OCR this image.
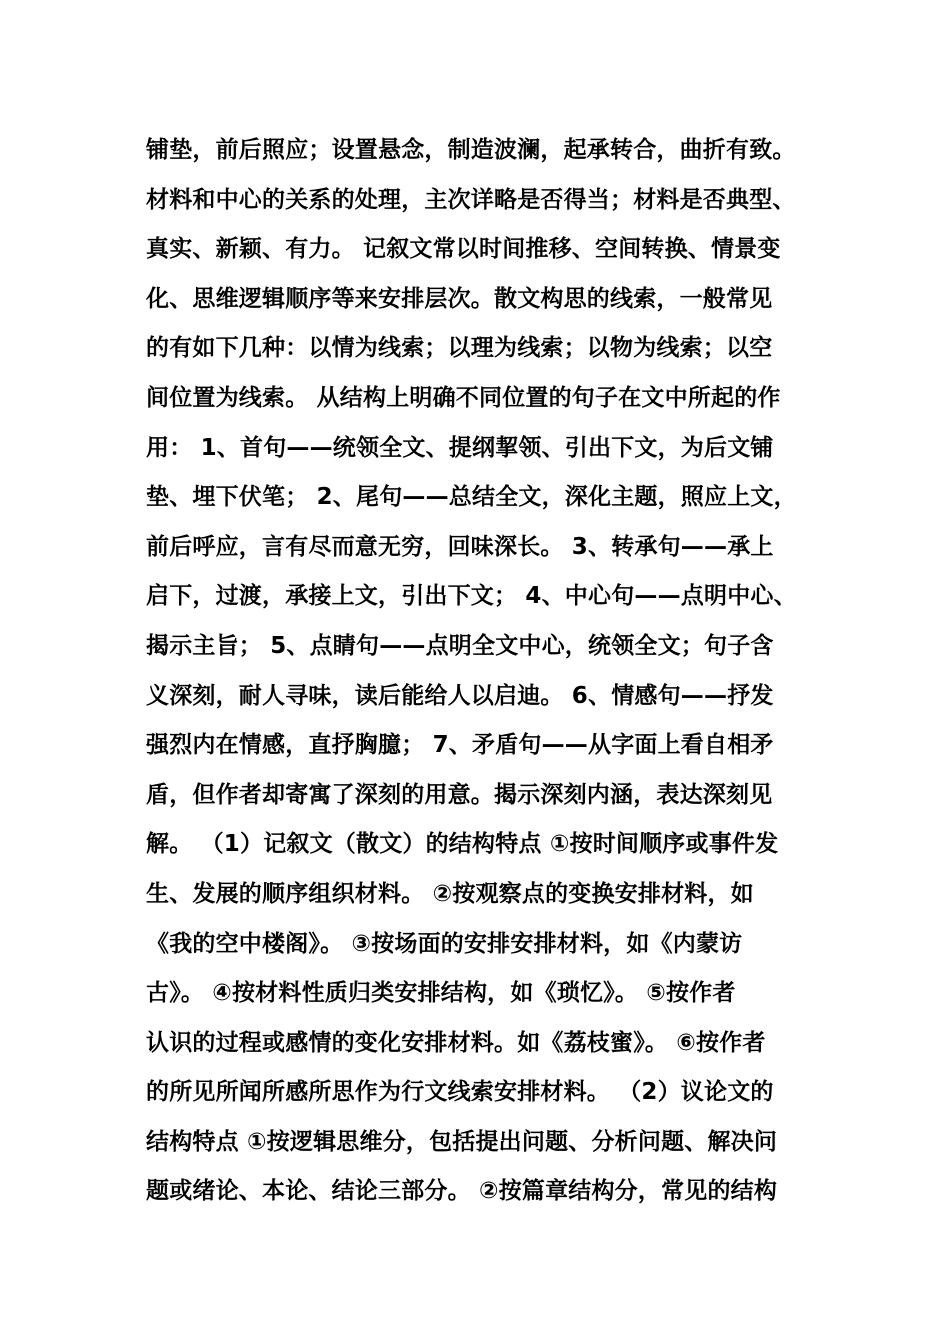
铺垫，前后照应；设置悬念，制造波澜，起承转合，曲折有致。
材料和中心的关系的处理，主次详略是否得当；材料是否典型、
真实、新颖、有力。 记叙文常以时间推移、空间转换、情景变
化、思维逻辑顺序等来安排层次。散文构思的线索，一般常见
的有如下几种：以情为线索；以理为线索；以物为线索；以空
间位置为线索。 从结构上明确不同位置的句子在文中所起的作
用： 1、首句——统领全文、提纲挈领、引出下文，为后文铺
垫、埋下伏笔； 2、尾句——总结全文，深化主题，照应上文，
前后呼应，言有尽而意无穷，回味深长。 3、转承句——承上
启下，过渡，承接上文，引出下文； 4、中心句——点明中心、
揭示主旨； 5、点睛句——点明全文中心，统领全文；句子含
义深刻，耐人寻味，读后能给人以启迪。 6、情感句——抒发
强烈内在情感，直抒胸臆； 7、矛盾句——从字面上看自相矛
盾，但作者却寄寓了深刻的用意。揭示深刻内涵，表达深刻见
解。 （1）记叙文（散文）的结构特点 ①按时间顺序或事件发
生、发展的顺序组织材料。 ②按观察点的变换安排材料，如
《我的空中楼阁》。 ③按场面的安排安排材料，如《内蒙访
古》。 ④按材料性质归类安排结构，如《琐忆》。 ⑤按作者
认识的过程或感情的变化安排材料。如《荔枝蜜》。 ⑥按作者
的所见所闻所感所思作为行文线索安排材料。 （2）议论文的
结构特点 ①按逻辑思维分，包括提出问题、分析问题、解决问
题或绪论、本论、结论三部分。 ②按篇章结构分，常见的结构
